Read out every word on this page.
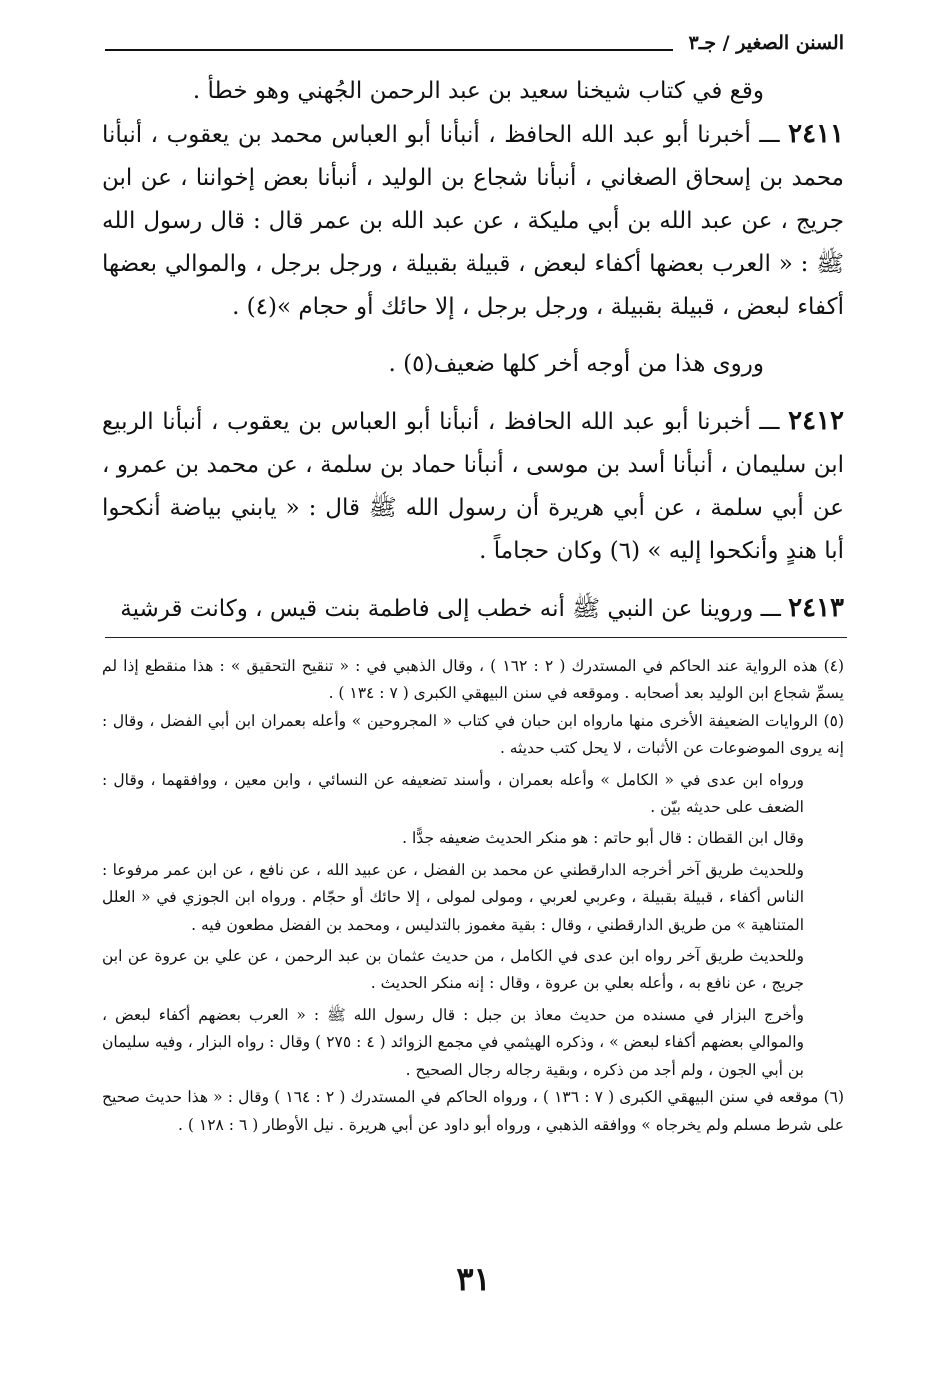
السنن الصغير / جـ٣

وقع في كتاب شيخنا سعيد بن عبد الرحمن الجُهني وهو خطأ .

٢٤١١ ـــ أخبرنا أبو عبد الله الحافظ ، أنبأنا أبو العباس محمد بن يعقوب ، أنبأنا محمد بن إسحاق الصغاني ، أنبأنا شجاع بن الوليد ، أنبأنا بعض إخواننا ، عن ابن جريج ، عن عبد الله بن أبي مليكة ، عن عبد الله بن عمر قال : قال رسول الله ﷺ : « العرب بعضها أكفاء لبعض ، قبيلة بقبيلة ، ورجل برجل ، والموالي بعضها أكفاء لبعض ، قبيلة بقبيلة ، ورجل برجل ، إلا حائك أو حجام »(٤) .

وروى هذا من أوجه أخر كلها ضعيف(٥) .

٢٤١٢ ـــ أخبرنا أبو عبد الله الحافظ ، أنبأنا أبو العباس بن يعقوب ، أنبأنا الربيع ابن سليمان ، أنبأنا أسد بن موسى ، أنبأنا حماد بن سلمة ، عن محمد بن عمرو ، عن أبي سلمة ، عن أبي هريرة أن رسول الله ﷺ قال : « يابني بياضة أنكحوا أبا هندٍ وأنكحوا إليه » (٦) وكان حجاماً .

٢٤١٣ ـــ وروينا عن النبي ﷺ أنه خطب إلى فاطمة بنت قيس ، وكانت قرشية

(٤) هذه الرواية عند الحاكم في المستدرك ( ٢ : ١٦٢ ) ، وقال الذهبي في : « تنقيح التحقيق » : هذا منقطع إذا لم يسمِّ شجاع ابن الوليد بعد أصحابه . وموقعه في سنن البيهقي الكبرى ( ٧ : ١٣٤ ) .

(٥) الروايات الضعيفة الأخرى منها مارواه ابن حبان في كتاب « المجروحين » وأعله بعمران ابن أبي الفضل ، وقال : إنه يروى الموضوعات عن الأثبات ، لا يحل كتب حديثه .

ورواه ابن عدى في « الكامل » وأعله بعمران ، وأسند تضعيفه عن النسائي ، وابن معين ، ووافقهما ، وقال : الضعف على حديثه بيّن .

وقال ابن القطان : قال أبو حاتم : هو منكر الحديث ضعيفه جدًّا .

وللحديث طريق آخر أخرجه الدارقطني عن محمد بن الفضل ، عن عبيد الله ، عن نافع ، عن ابن عمر مرفوعا : الناس أكفاء ، قبيلة بقبيلة ، وعربي لعربي ، ومولى لمولى ، إلا حائك أو حجّام . ورواه ابن الجوزي في « العلل المتناهية » من طريق الدارقطني ، وقال : بقية مغموز بالتدليس ، ومحمد بن الفضل مطعون فيه .

وللحديث طريق آخر رواه ابن عدى في الكامل ، من حديث عثمان بن عبد الرحمن ، عن علي بن عروة عن ابن جريج ، عن نافع به ، وأعله بعلي بن عروة ، وقال : إنه منكر الحديث .

وأخرج البزار في مسنده من حديث معاذ بن جبل : قال رسول الله ﷺ : « العرب بعضهم أكفاء لبعض ، والموالي بعضهم أكفاء لبعض » ، وذكره الهيثمي في مجمع الزوائد ( ٤ : ٢٧٥ ) وقال : رواه البزار ، وفيه سليمان بن أبي الجون ، ولم أجد من ذكره ، وبقية رجاله رجال الصحيح .

(٦) موقعه في سنن البيهقي الكبرى ( ٧ : ١٣٦ ) ، ورواه الحاكم في المستدرك ( ٢ : ١٦٤ ) وقال : « هذا حديث صحيح على شرط مسلم ولم يخرجاه » ووافقه الذهبي ، ورواه أبو داود عن أبي هريرة . نيل الأوطار ( ٦ : ١٢٨ ) .

٣١
